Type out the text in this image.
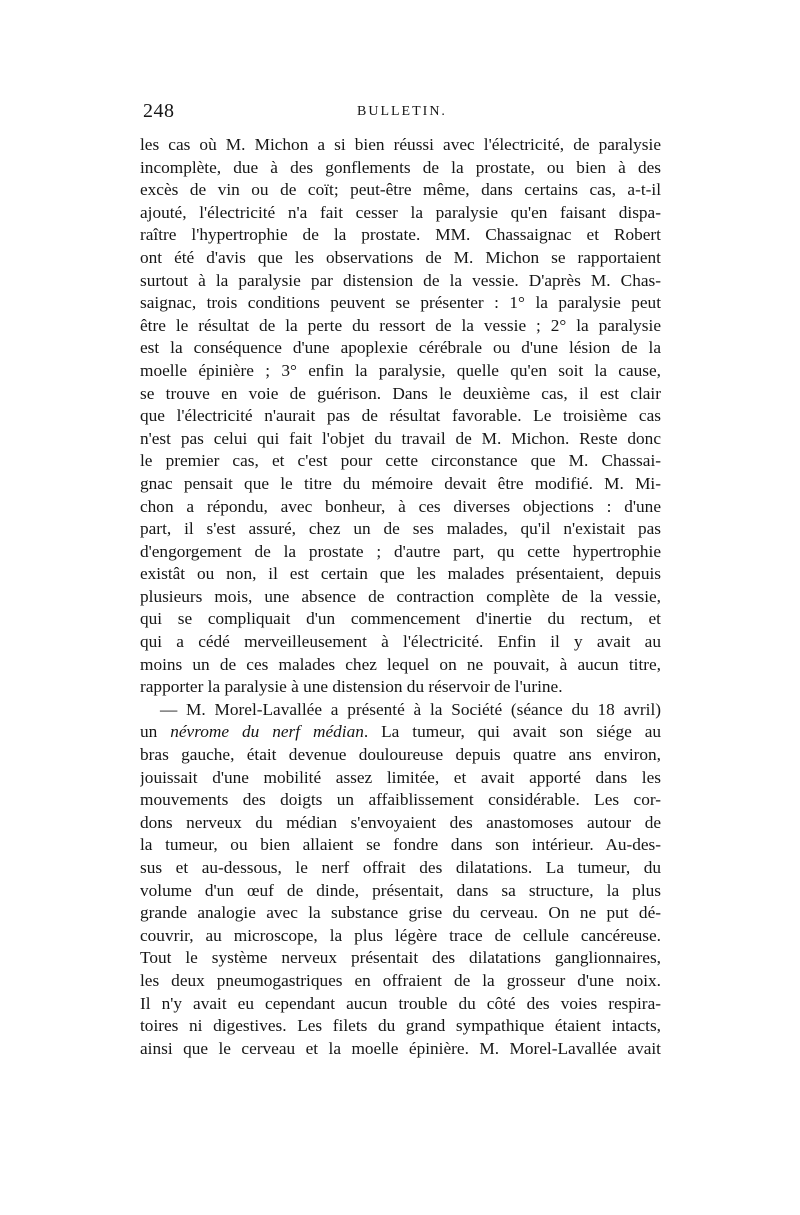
248	BULLETIN.
les cas où M. Michon a si bien réussi avec l'électricité, de paralysie
incomplète, due à des gonflements de la prostate, ou bien à des
excès de vin ou de coït; peut-être même, dans certains cas, a-t-il
ajouté, l'électricité n'a fait cesser la paralysie qu'en faisant dispa-
raître l'hypertrophie de la prostate. MM. Chassaignac et Robert
ont été d'avis que les observations de M. Michon se rapportaient
surtout à la paralysie par distension de la vessie. D'après M. Chas-
saignac, trois conditions peuvent se présenter : 1° la paralysie peut
être le résultat de la perte du ressort de la vessie ; 2° la paralysie
est la conséquence d'une apoplexie cérébrale ou d'une lésion de la
moelle épinière ; 3° enfin la paralysie, quelle qu'en soit la cause,
se trouve en voie de guérison. Dans le deuxième cas, il est clair
que l'électricité n'aurait pas de résultat favorable. Le troisième cas
n'est pas celui qui fait l'objet du travail de M. Michon. Reste donc
le premier cas, et c'est pour cette circonstance que M. Chassai-
gnac pensait que le titre du mémoire devait être modifié. M. Mi-
chon a répondu, avec bonheur, à ces diverses objections : d'une
part, il s'est assuré, chez un de ses malades, qu'il n'existait pas
d'engorgement de la prostate ; d'autre part, qu cette hypertrophie
existât ou non, il est certain que les malades présentaient, depuis
plusieurs mois, une absence de contraction complète de la vessie,
qui se compliquait d'un commencement d'inertie du rectum, et
qui a cédé merveilleusement à l'électricité. Enfin il y avait au
moins un de ces malades chez lequel on ne pouvait, à aucun titre,
rapporter la paralysie à une distension du réservoir de l'urine.
— M. Morel-Lavallée a présenté à la Société (séance du 18 avril)
un névrome du nerf médian. La tumeur, qui avait son siége au
bras gauche, était devenue douloureuse depuis quatre ans environ,
jouissait d'une mobilité assez limitée, et avait apporté dans les
mouvements des doigts un affaiblissement considérable. Les cor-
dons nerveux du médian s'envoyaient des anastomoses autour de
la tumeur, ou bien allaient se fondre dans son intérieur. Au-des-
sus et au-dessous, le nerf offrait des dilatations. La tumeur, du
volume d'un œuf de dinde, présentait, dans sa structure, la plus
grande analogie avec la substance grise du cerveau. On ne put dé-
couvrir, au microscope, la plus légère trace de cellule cancéreuse.
Tout le système nerveux présentait des dilatations ganglionnaires,
les deux pneumogastriques en offraient de la grosseur d'une noix.
Il n'y avait eu cependant aucun trouble du côté des voies respira-
toires ni digestives. Les filets du grand sympathique étaient intacts,
ainsi que le cerveau et la moelle épinière. M. Morel-Lavallée avait
